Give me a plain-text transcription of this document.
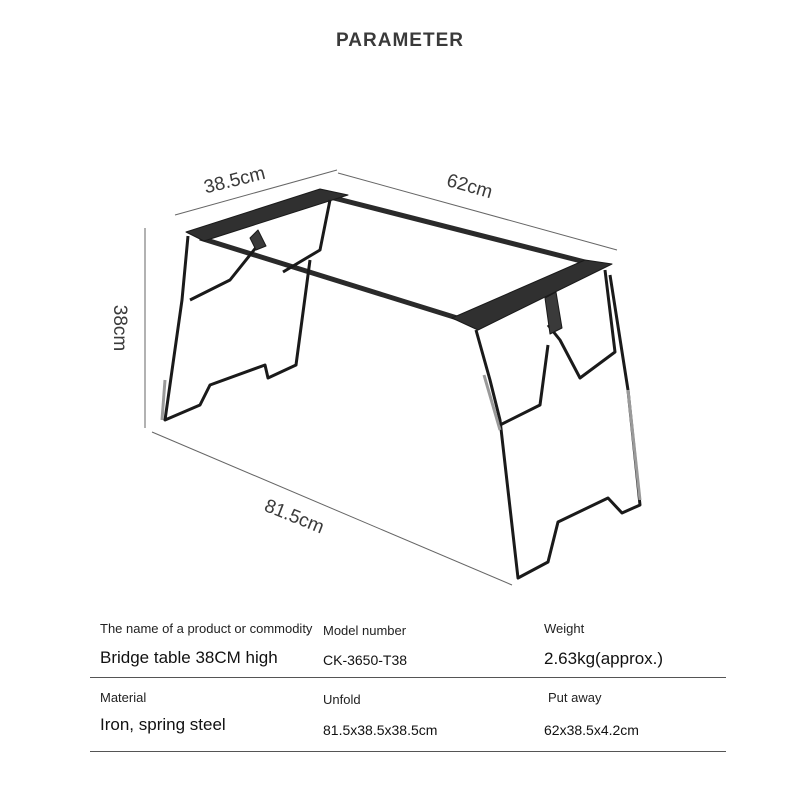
PARAMETER
38.5cm	62cm
38cm
81.5cm
The name of a product or commodity
Bridge table 38CM high
Model number
CK-3650-T38
Weight
2.63kg(approx.)
Material
Iron, spring steel
Unfold
81.5x38.5x38.5cm
Put away
62x38.5x4.2cm
